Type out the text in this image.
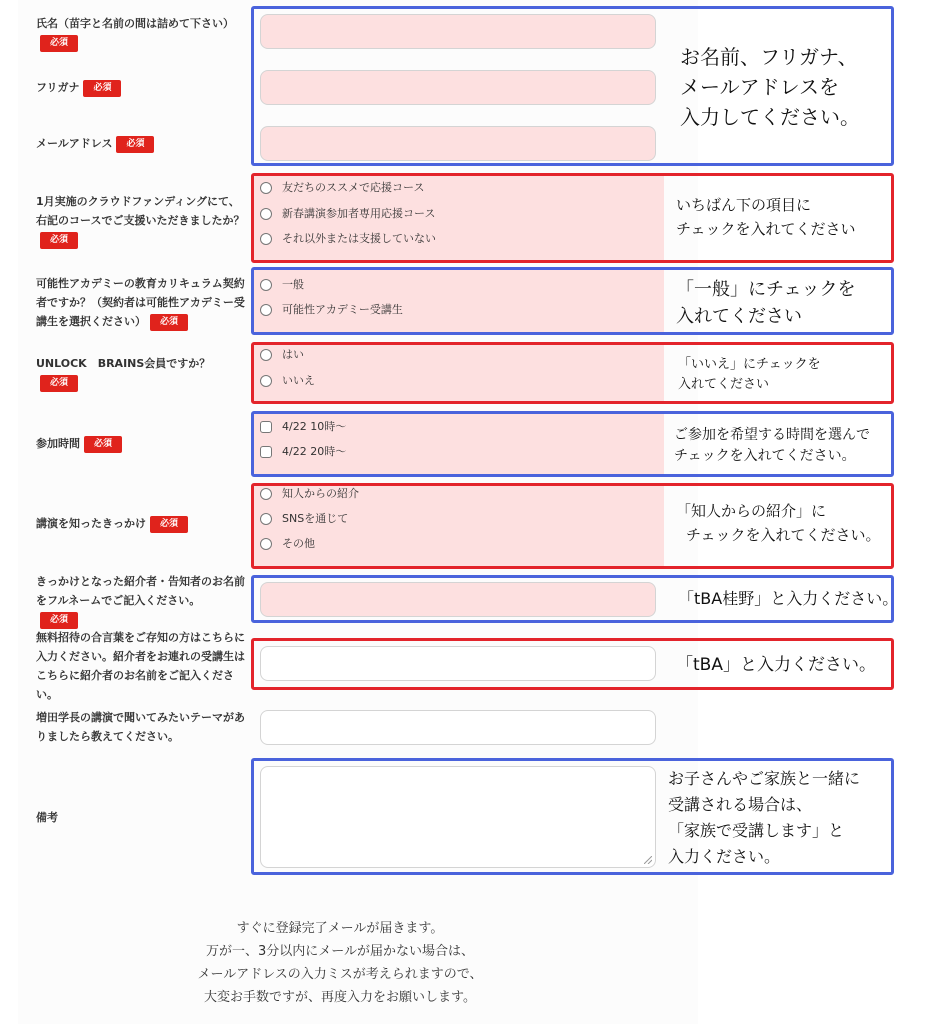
氏名（苗字と名前の間は詰めて下さい）
必須
フリガナ 必須
メールアドレス 必須
お名前、フリガナ、
メールアドレスを
入力してください。
1月実施のクラウドファンディングにて、右記のコースでご支援いただきましたか？必須
友だちのススメで応援コース
新春講演参加者専用応援コース
それ以外または支援していない
いちばん下の項目に
チェックを入れてください
可能性アカデミーの教育カリキュラム契約者ですか？（契約者は可能性アカデミー受講生を選択ください） 必須
一般
可能性アカデミー受講生
「一般」にチェックを
入れてください
UNLOCK　BRAINS会員ですか？
必須
はい
いいえ
「いいえ」にチェックを
入れてください
参加時間 必須
4/22 10時〜
4/22 20時〜
ご参加を希望する時間を選んで
チェックを入れてください。
講演を知ったきっかけ 必須
知人からの紹介
SNSを通じて
その他
「知人からの紹介」に
チェックを入れてください。
きっかけとなった紹介者・告知者のお名前をフルネームでご記入ください。
必須
「tBA桂野」と入力ください。
無料招待の合言葉をご存知の方はこちらに入力ください。紹介者をお連れの受講生はこちらに紹介者のお名前をご記入ください。
「tBA」と入力ください。
増田学長の講演で聞いてみたいテーマがありましたら教えてください。
備考
お子さんやご家族と一緒に
受講される場合は、
「家族で受講します」と
入力ください。
すぐに登録完了メールが届きます。
万が一、3分以内にメールが届かない場合は、
メールアドレスの入力ミスが考えられますので、
大変お手数ですが、再度入力をお願いします。
